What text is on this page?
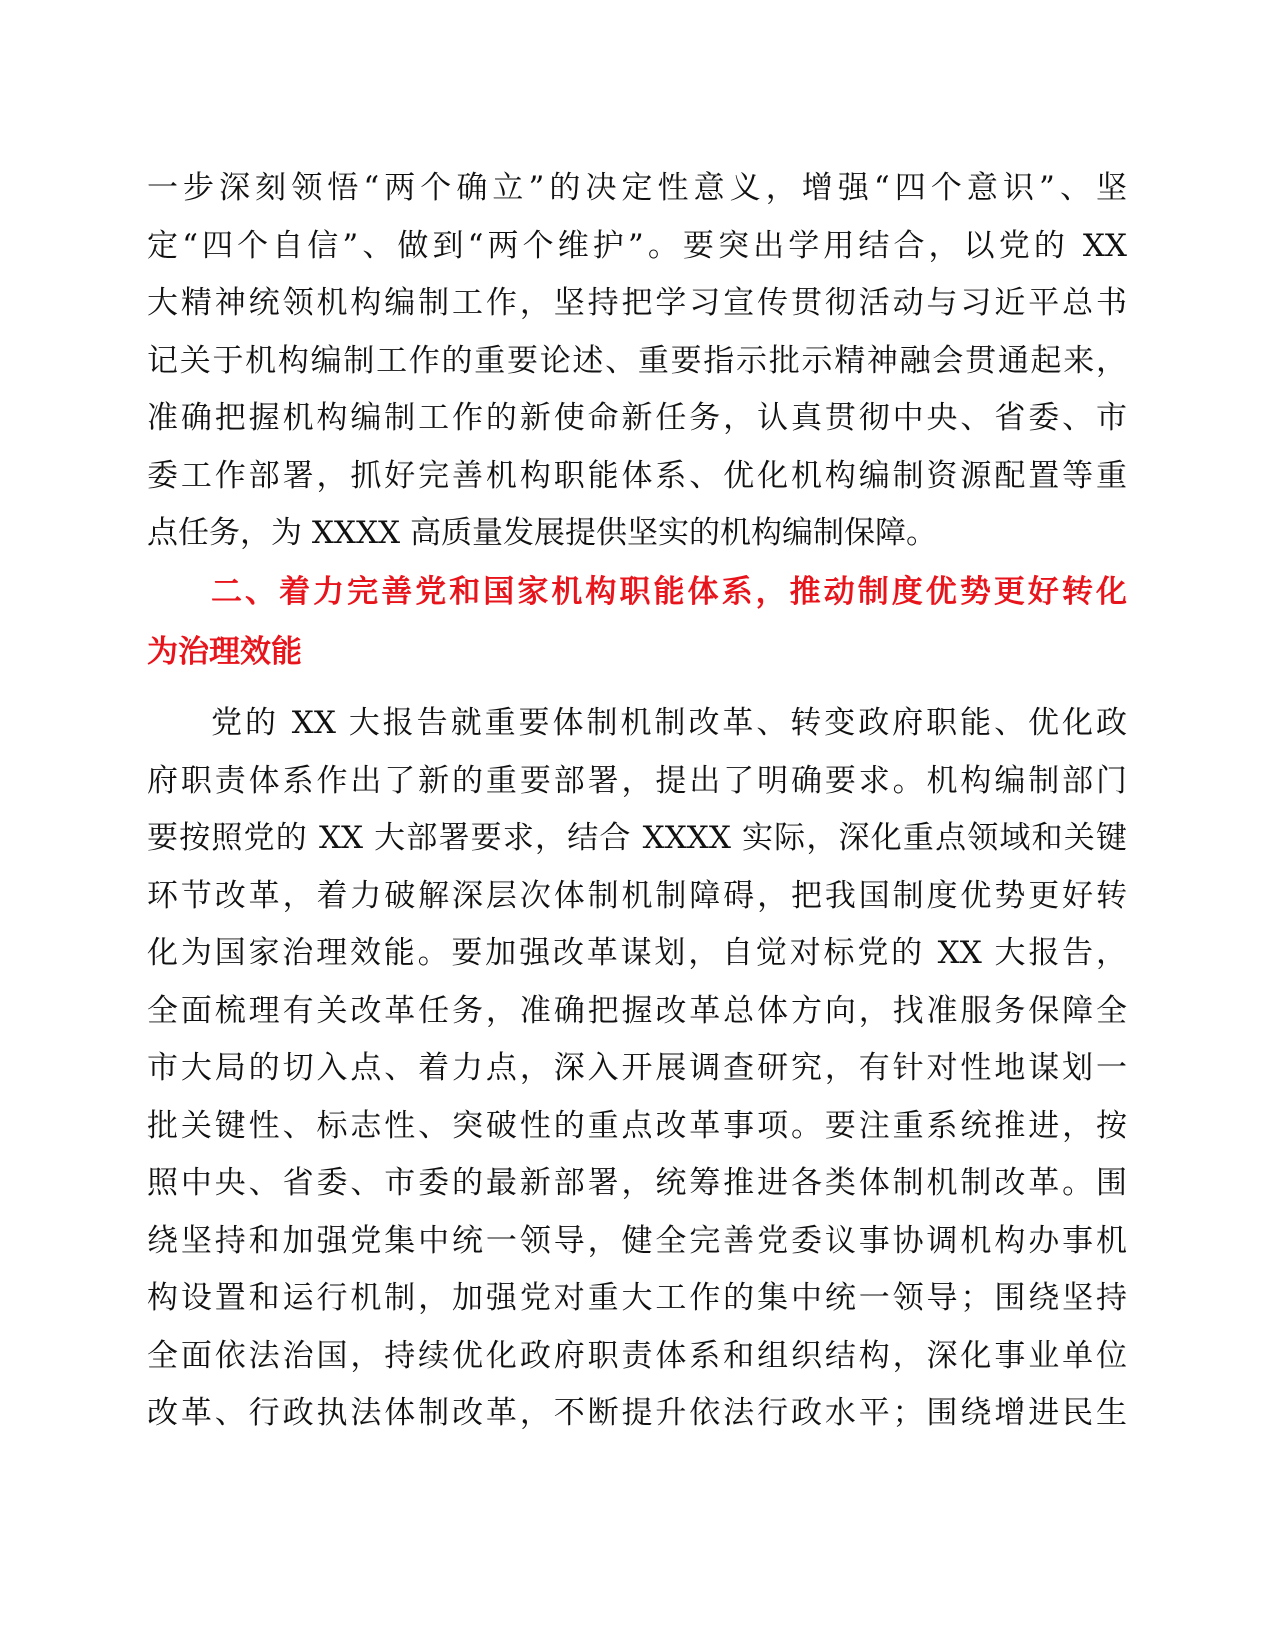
一步深刻领悟“两个确立”的决定性意义，增强“四个意识”、坚
定“四个自信”、做到“两个维护”。要突出学用结合，以党的 XX
大精神统领机构编制工作，坚持把学习宣传贯彻活动与习近平总书
记关于机构编制工作的重要论述、重要指示批示精神融会贯通起来，
准确把握机构编制工作的新使命新任务，认真贯彻中央、省委、市
委工作部署，抓好完善机构职能体系、优化机构编制资源配置等重
点任务，为 XXXX 高质量发展提供坚实的机构编制保障。
二、着力完善党和国家机构职能体系，推动制度优势更好转化
为治理效能
党的 XX 大报告就重要体制机制改革、转变政府职能、优化政
府职责体系作出了新的重要部署，提出了明确要求。机构编制部门
要按照党的 XX 大部署要求，结合 XXXX 实际，深化重点领域和关键
环节改革，着力破解深层次体制机制障碍，把我国制度优势更好转
化为国家治理效能。要加强改革谋划，自觉对标党的 XX 大报告，
全面梳理有关改革任务，准确把握改革总体方向，找准服务保障全
市大局的切入点、着力点，深入开展调查研究，有针对性地谋划一
批关键性、标志性、突破性的重点改革事项。要注重系统推进，按
照中央、省委、市委的最新部署，统筹推进各类体制机制改革。围
绕坚持和加强党集中统一领导，健全完善党委议事协调机构办事机
构设置和运行机制，加强党对重大工作的集中统一领导；围绕坚持
全面依法治国，持续优化政府职责体系和组织结构，深化事业单位
改革、行政执法体制改革，不断提升依法行政水平；围绕增进民生
